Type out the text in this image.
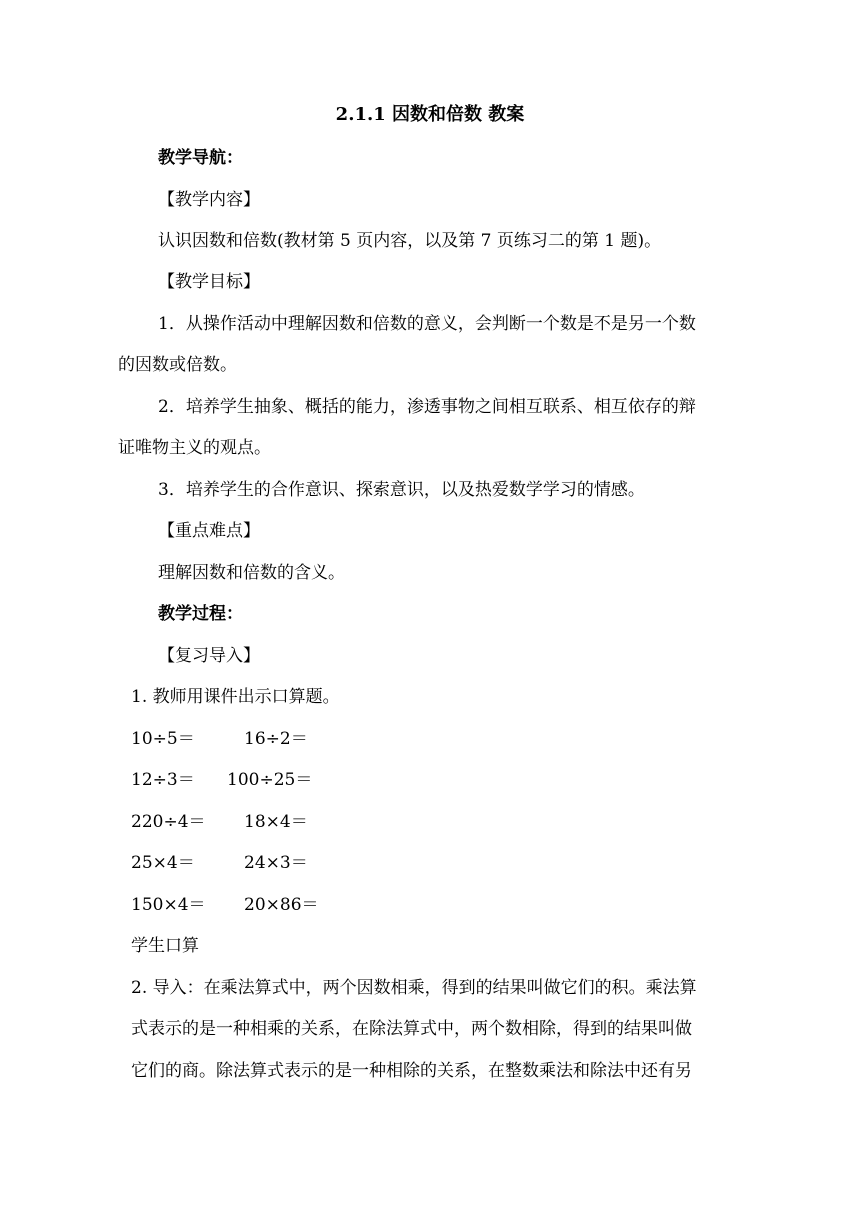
2.1.1 因数和倍数 教案
教学导航：
【教学内容】
认识因数和倍数(教材第 5 页内容，以及第 7 页练习二的第 1 题)。
【教学目标】
1．从操作活动中理解因数和倍数的意义，会判断一个数是不是另一个数
的因数或倍数。
2．培养学生抽象、概括的能力，渗透事物之间相互联系、相互依存的辩
证唯物主义的观点。
3．培养学生的合作意识、探索意识，以及热爱数学学习的情感。
【重点难点】
理解因数和倍数的含义。
教学过程：
【复习导入】
1. 教师用课件出示口算题。
10÷5＝	16÷2＝
12÷3＝ 100÷25＝
220÷4＝ 18×4＝
25×4＝	24×3＝
150×4＝ 20×86＝
学生口算
2. 导入：在乘法算式中，两个因数相乘，得到的结果叫做它们的积。乘法算
式表示的是一种相乘的关系，在除法算式中，两个数相除，得到的结果叫做
它们的商。除法算式表示的是一种相除的关系，在整数乘法和除法中还有另
